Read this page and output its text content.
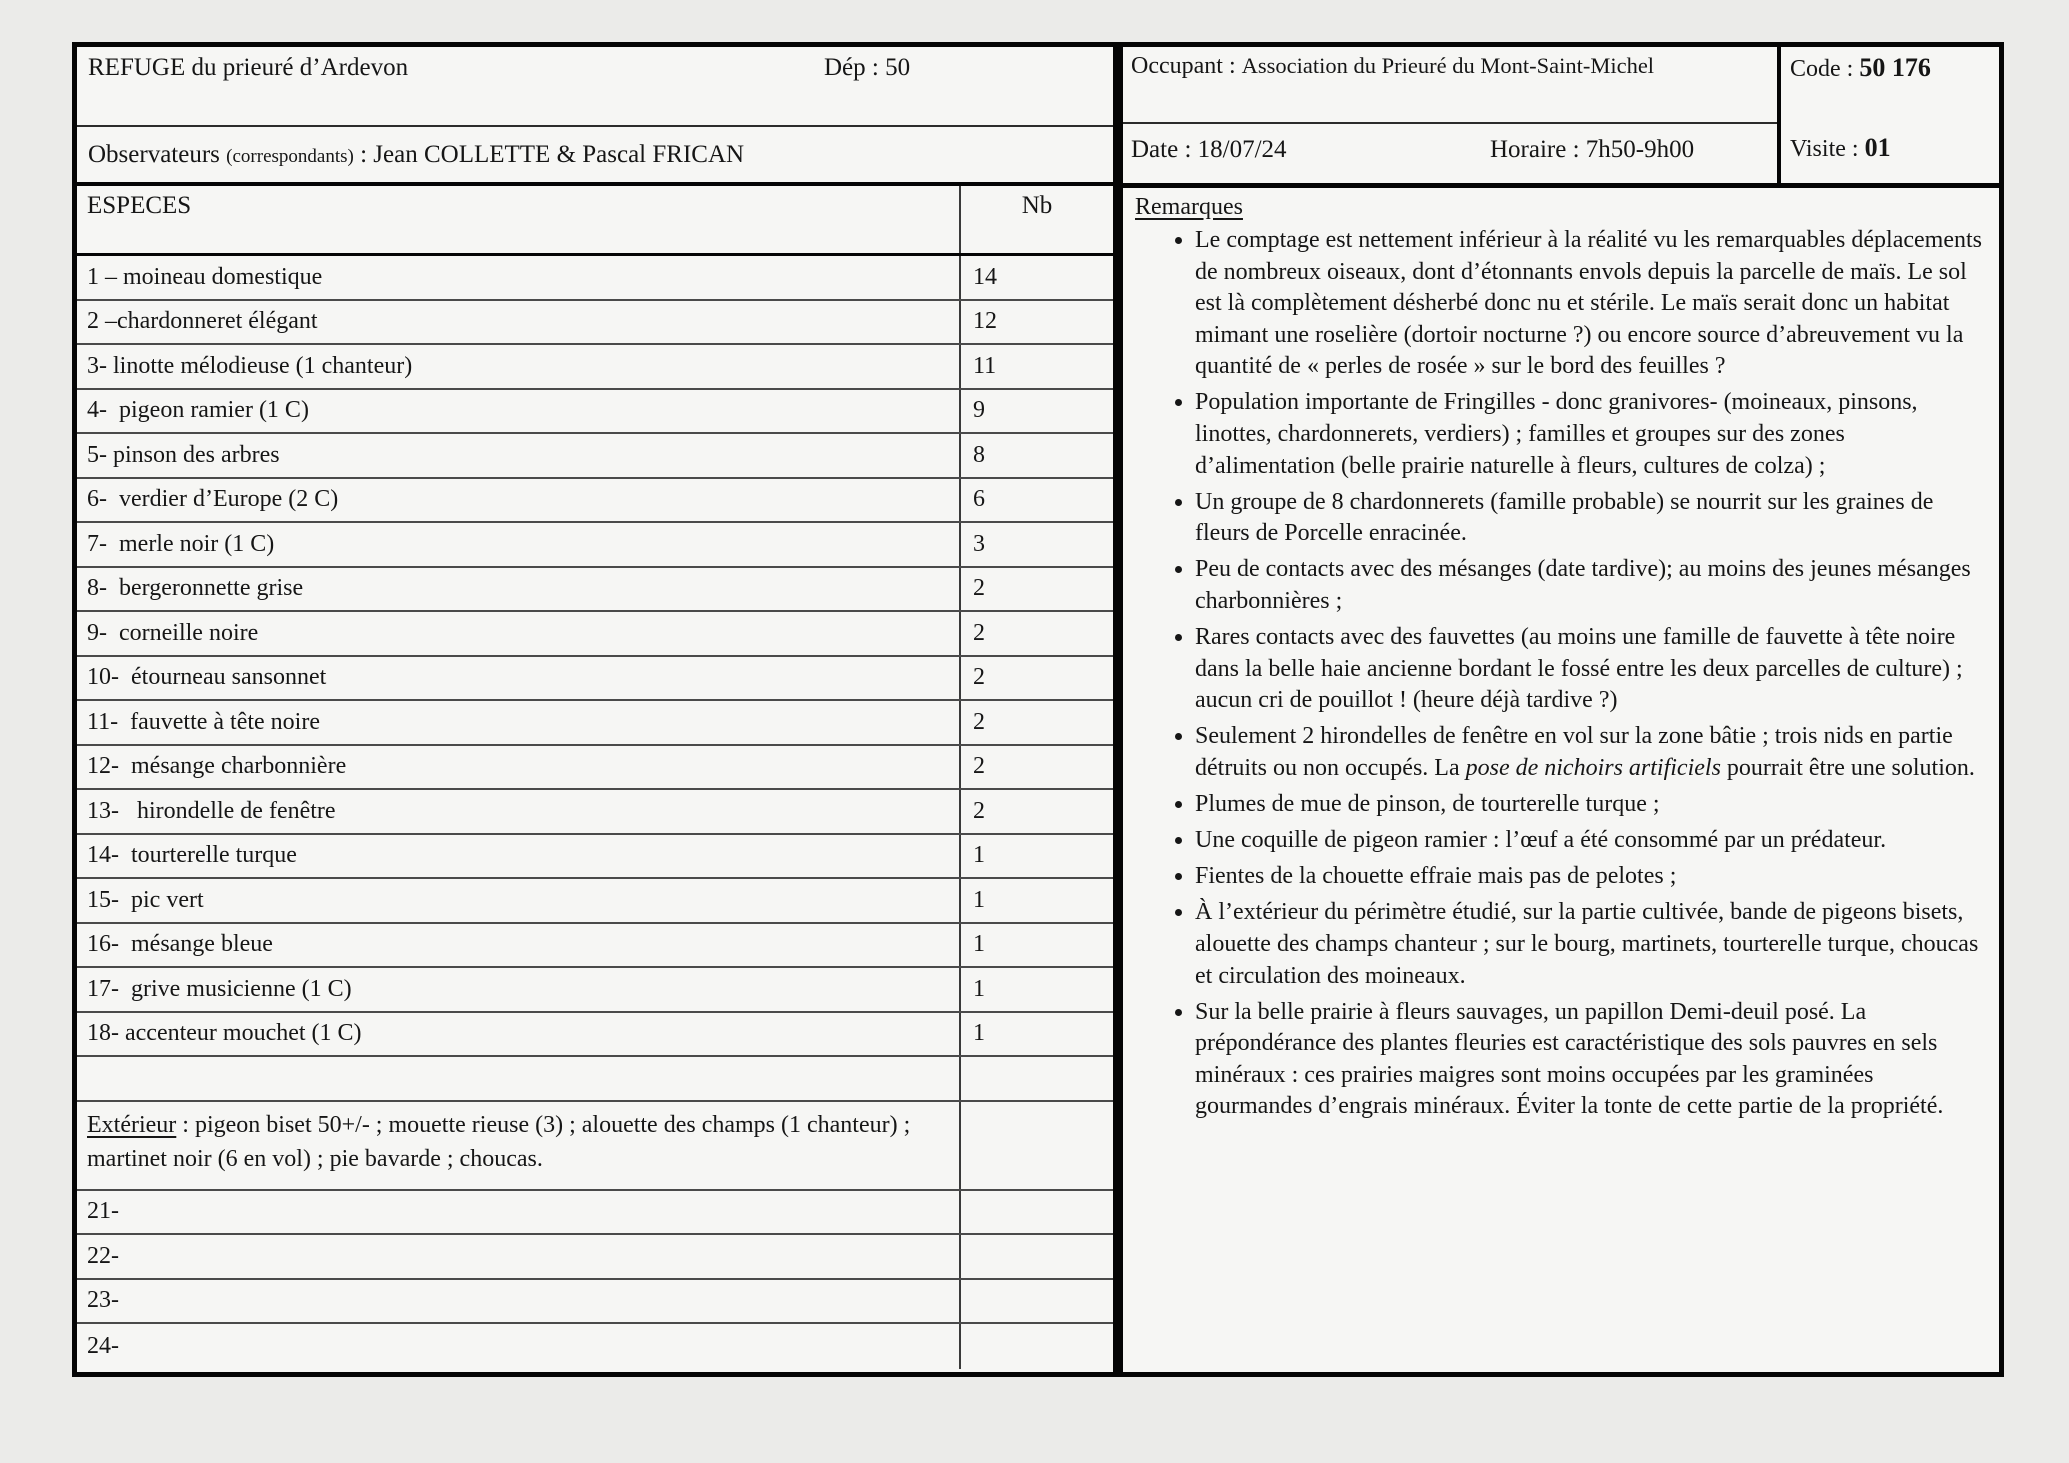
REFUGE du prieuré d’Ardevon	Dép : 50
Observateurs (correspondants) : Jean COLLETTE & Pascal FRICAN
ESPECES	Nb
1 – moineau domestique	14
2 –chardonneret élégant	12
3- linotte mélodieuse (1 chanteur)	11
4-  pigeon ramier (1 C)	9
5- pinson des arbres	8
6-  verdier d’Europe (2 C)	6
7-  merle noir (1 C)	3
8-  bergeronnette grise	2
9-  corneille noire	2
10-  étourneau sansonnet	2
11-  fauvette à tête noire	2
12-  mésange charbonnière	2
13-   hirondelle de fenêtre	2
14-  tourterelle turque	1
15-  pic vert	1
16-  mésange bleue	1
17-  grive musicienne (1 C)	1
18- accenteur mouchet (1 C)	1
Extérieur : pigeon biset 50+/- ; mouette rieuse (3) ; alouette des champs (1 chanteur) ; martinet noir (6 en vol) ; pie bavarde ; choucas.
21-
22-
23-
24-
Occupant : Association du Prieuré du Mont-Saint-Michel
Date : 18/07/24	Horaire : 7h50-9h00
Code : 50 176
Visite : 01
Remarques
• Le comptage est nettement inférieur à la réalité vu les remarquables déplacements de nombreux oiseaux, dont d’étonnants envols depuis la parcelle de maïs. Le sol est là complètement désherbé donc nu et stérile. Le maïs serait donc un habitat mimant une roselière (dortoir nocturne ?) ou encore source d’abreuvement vu la quantité de « perles de rosée » sur le bord des feuilles ?
• Population importante de Fringilles - donc granivores- (moineaux, pinsons, linottes, chardonnerets, verdiers) ; familles et groupes sur des zones d’alimentation (belle prairie naturelle à fleurs, cultures de colza) ;
• Un groupe de 8 chardonnerets (famille probable) se nourrit sur les graines de fleurs de Porcelle enracinée.
• Peu de contacts avec des mésanges (date tardive); au moins des jeunes mésanges charbonnières ;
• Rares contacts avec des fauvettes (au moins une famille de fauvette à tête noire dans la belle haie ancienne bordant le fossé entre les deux parcelles de culture) ; aucun cri de pouillot ! (heure déjà tardive ?)
• Seulement 2 hirondelles de fenêtre en vol sur la zone bâtie ; trois nids en partie détruits ou non occupés. La pose de nichoirs artificiels pourrait être une solution.
• Plumes de mue de pinson, de tourterelle turque ;
• Une coquille de pigeon ramier : l’œuf a été consommé par un prédateur.
• Fientes de la chouette effraie mais pas de pelotes ;
• À l’extérieur du périmètre étudié, sur la partie cultivée, bande de pigeons bisets, alouette des champs chanteur ; sur le bourg, martinets, tourterelle turque, choucas et circulation des moineaux.
• Sur la belle prairie à fleurs sauvages, un papillon Demi-deuil posé. La prépondérance des plantes fleuries est caractéristique des sols pauvres en sels minéraux : ces prairies maigres sont moins occupées par les graminées gourmandes d’engrais minéraux. Éviter la tonte de cette partie de la propriété.
